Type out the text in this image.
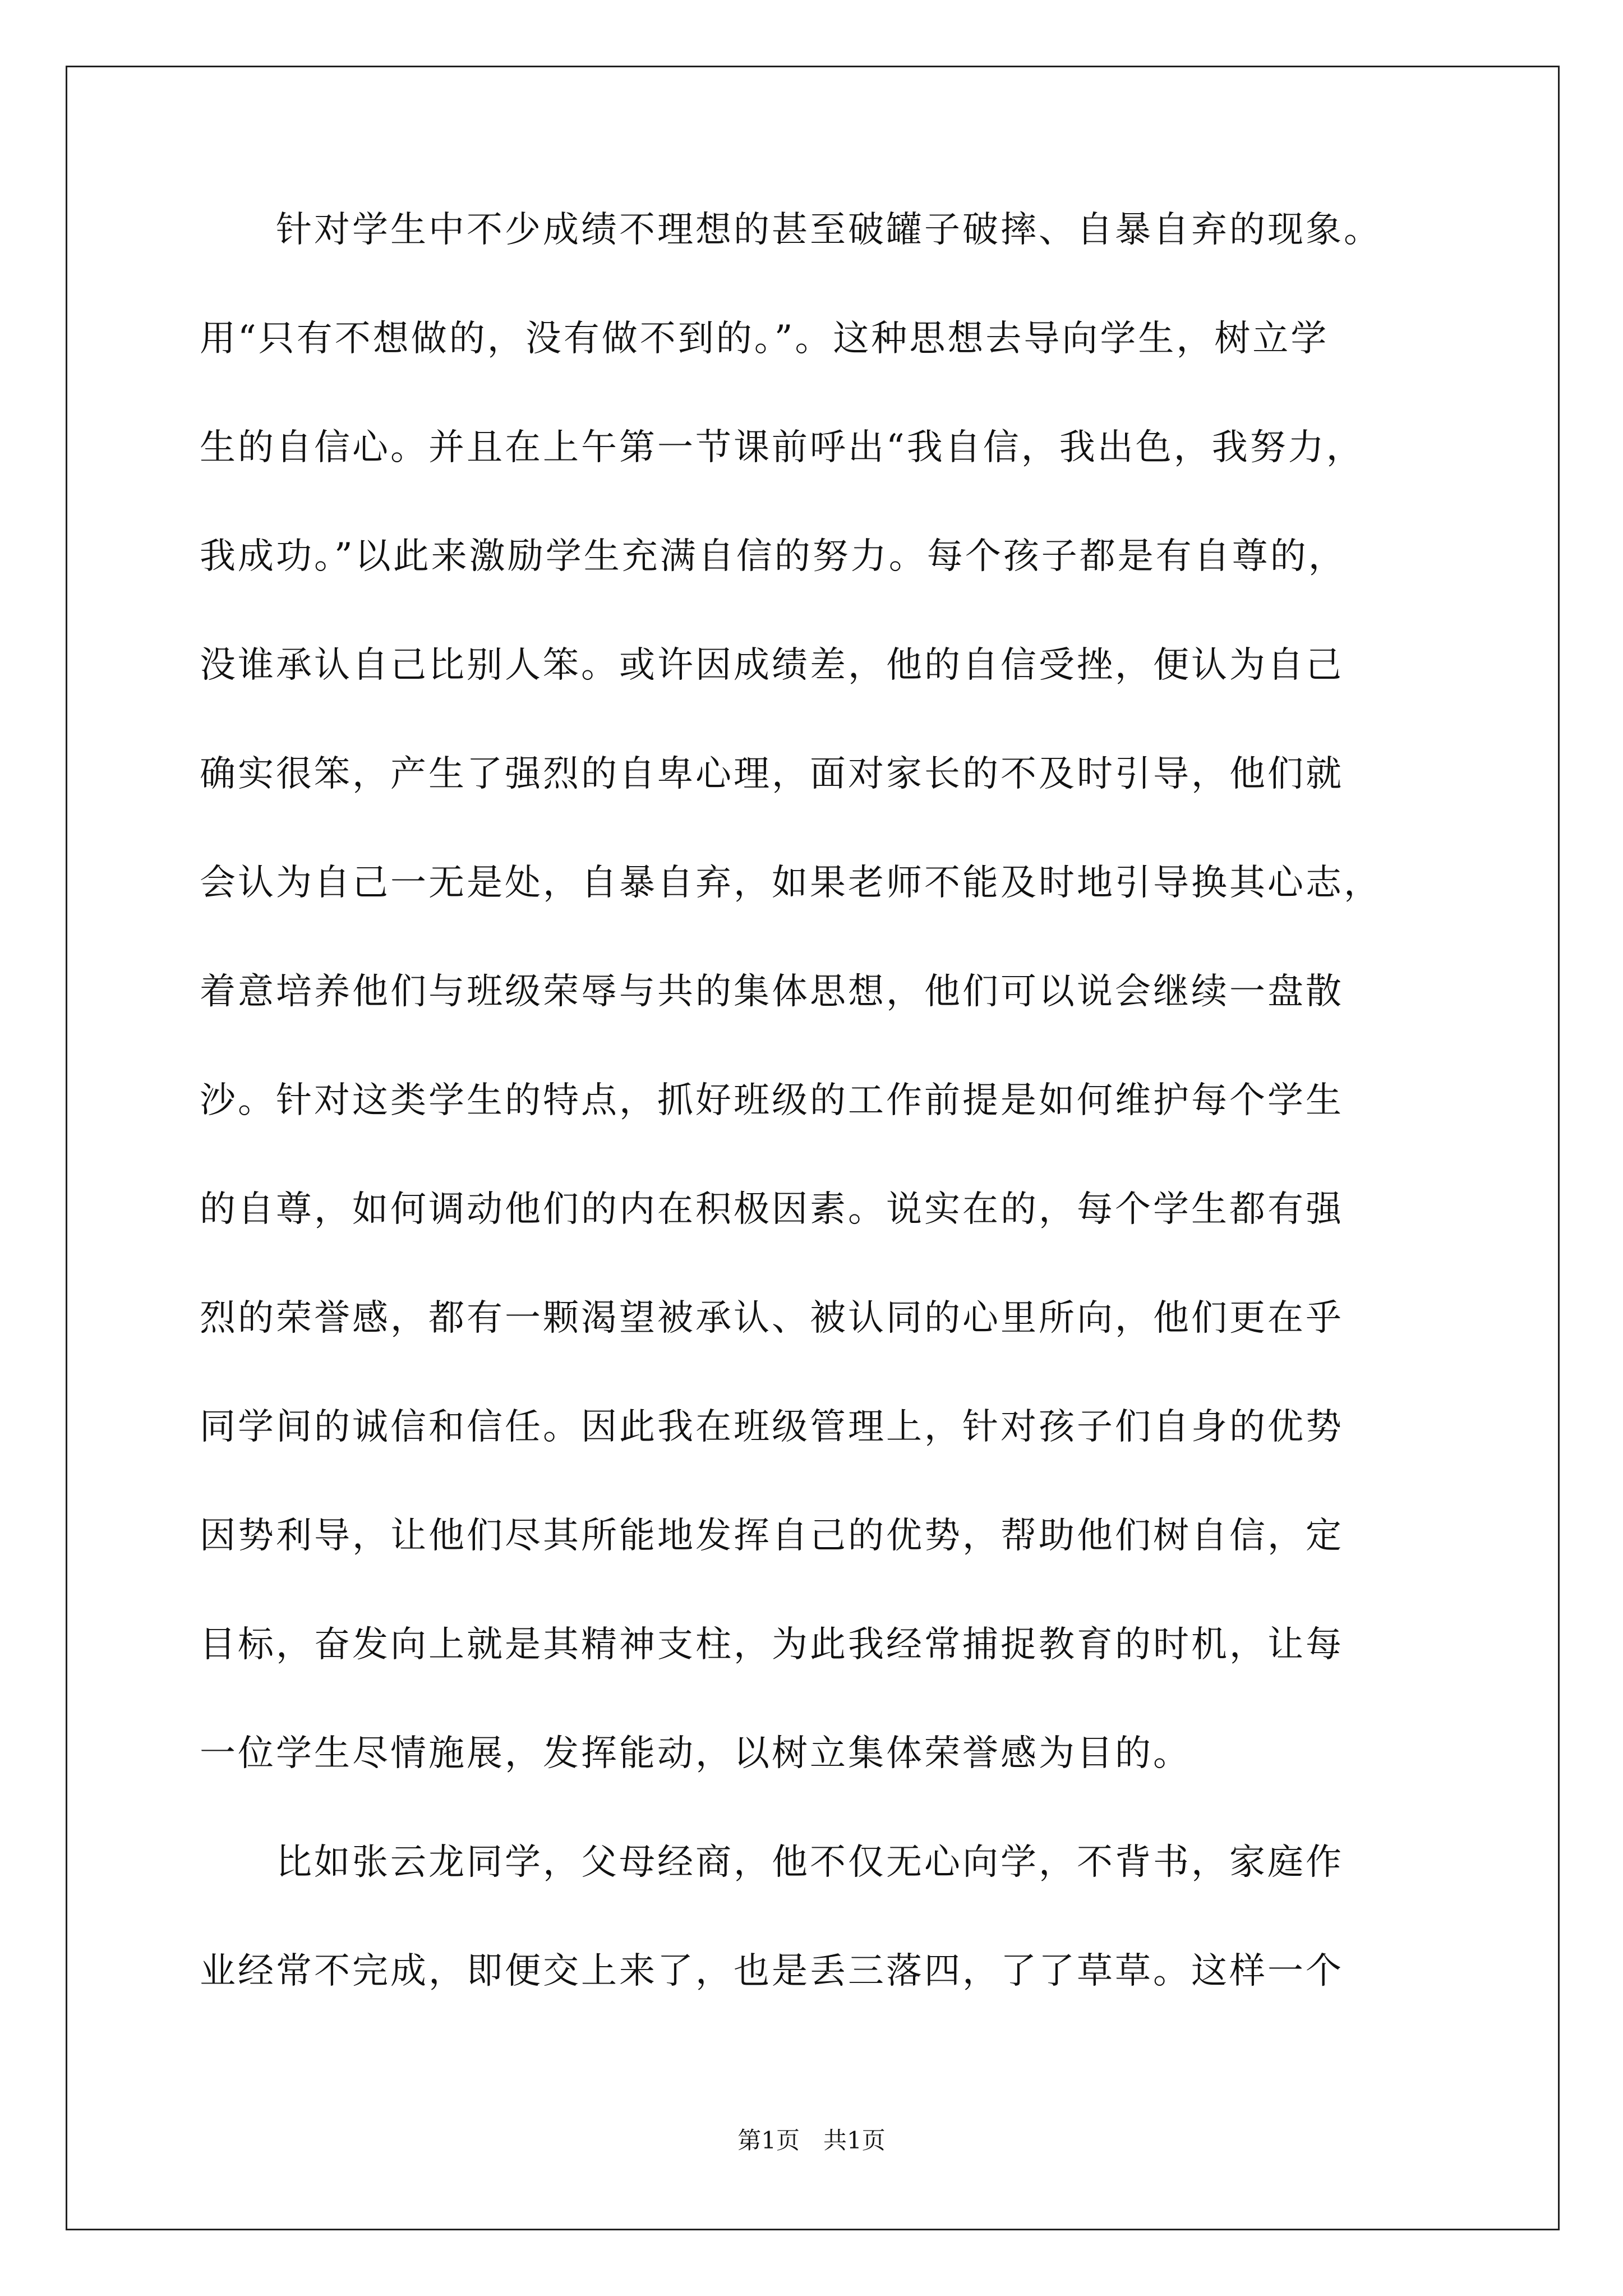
　　针对学生中不少成绩不理想的甚至破罐子破摔、自暴自弃的现象。
用“只有不想做的，没有做不到的。”。这种思想去导向学生，树立学
生的自信心。并且在上午第一节课前呼出“我自信，我出色，我努力，
我成功。”以此来激励学生充满自信的努力。每个孩子都是有自尊的，
没谁承认自己比别人笨。或许因成绩差，他的自信受挫，便认为自己
确实很笨，产生了强烈的自卑心理，面对家长的不及时引导，他们就
会认为自己一无是处，自暴自弃，如果老师不能及时地引导换其心志，
着意培养他们与班级荣辱与共的集体思想，他们可以说会继续一盘散
沙。针对这类学生的特点，抓好班级的工作前提是如何维护每个学生
的自尊，如何调动他们的内在积极因素。说实在的，每个学生都有强
烈的荣誉感，都有一颗渴望被承认、被认同的心里所向，他们更在乎
同学间的诚信和信任。因此我在班级管理上，针对孩子们自身的优势
因势利导，让他们尽其所能地发挥自己的优势，帮助他们树自信，定
目标，奋发向上就是其精神支柱，为此我经常捕捉教育的时机，让每
一位学生尽情施展，发挥能动，以树立集体荣誉感为目的。
　　比如张云龙同学，父母经商，他不仅无心向学，不背书，家庭作
业经常不完成，即便交上来了，也是丢三落四，了了草草。这样一个
第1页　共1页
